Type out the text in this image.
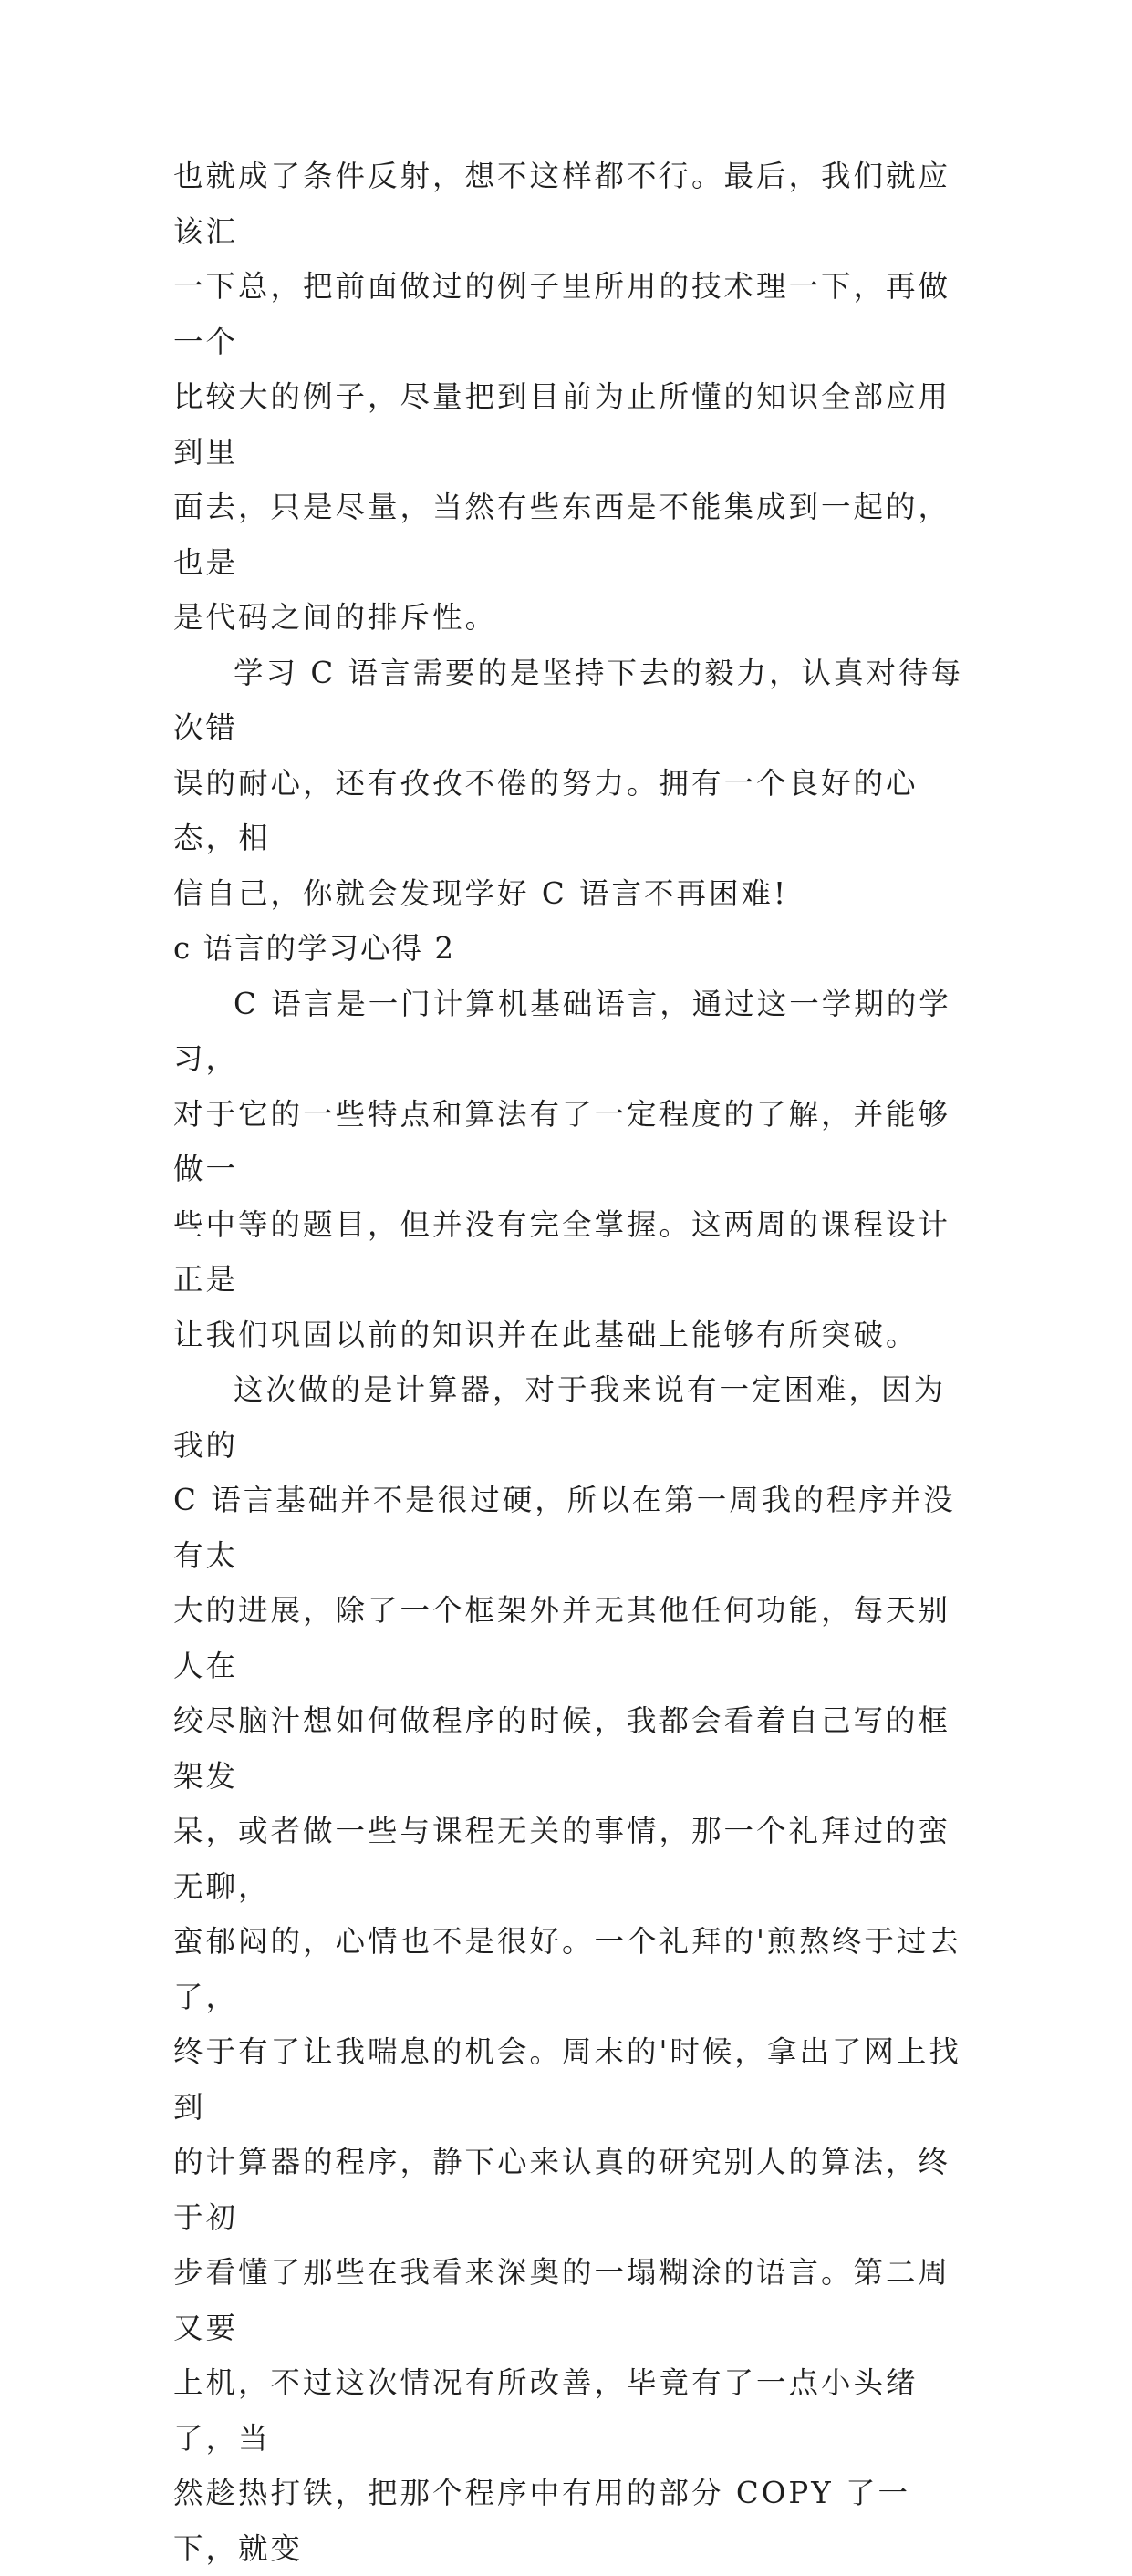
也就成了条件反射，想不这样都不行。最后，我们就应该汇
一下总，把前面做过的例子里所用的技术理一下，再做一个
比较大的例子，尽量把到目前为止所懂的知识全部应用到里
面去，只是尽量，当然有些东西是不能集成到一起的，也是
是代码之间的排斥性。

学习 C 语言需要的是坚持下去的毅力，认真对待每次错
误的耐心，还有孜孜不倦的努力。拥有一个良好的心态，相
信自己，你就会发现学好 C 语言不再困难!

c 语言的学习心得 2

C 语言是一门计算机基础语言，通过这一学期的学习，
对于它的一些特点和算法有了一定程度的了解，并能够做一
些中等的题目，但并没有完全掌握。这两周的课程设计正是
让我们巩固以前的知识并在此基础上能够有所突破。

这次做的是计算器，对于我来说有一定困难，因为我的
C 语言基础并不是很过硬，所以在第一周我的程序并没有太
大的进展，除了一个框架外并无其他任何功能，每天别人在
绞尽脑汁想如何做程序的时候，我都会看着自己写的框架发
呆，或者做一些与课程无关的事情，那一个礼拜过的蛮无聊，
蛮郁闷的，心情也不是很好。一个礼拜的'煎熬终于过去了，
终于有了让我喘息的机会。周末的'时候，拿出了网上找到
的计算器的程序，静下心来认真的研究别人的算法，终于初
步看懂了那些在我看来深奥的一塌糊涂的语言。第二周又要
上机，不过这次情况有所改善，毕竟有了一点小头绪了，当
然趁热打铁，把那个程序中有用的部分 COPY 了一下，就变
